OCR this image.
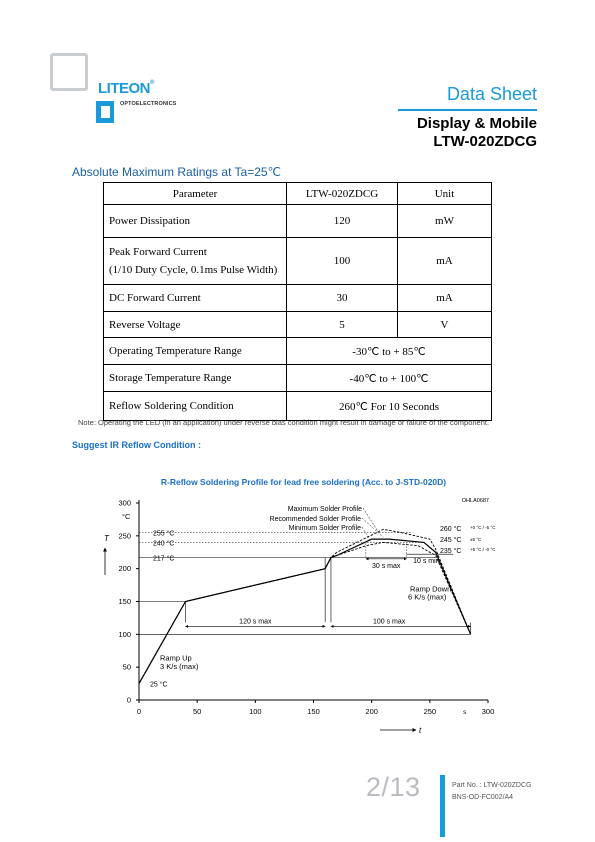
LITEON®
OPTOELECTRONICS	Data Sheet
Display & Mobile
LTW-020ZDCG
Absolute Maximum Ratings at Ta=25℃
Parameter	LTW-020ZDCG	Unit
Power Dissipation	120	mW

Peak Forward Current
(1/10 Duty Cycle, 0.1ms Pulse Width)	100	mA
DC Forward Current	30	mA
Reverse Voltage	5	V
Operating Temperature Range	-30℃ to + 85℃	
Storage Temperature Range	-40℃ to + 100℃	
Reflow Soldering Condition	260℃ For 10 Seconds	
Note: Operating the LED (in an application) under reverse bias condition might result in damage or failure of the component.
Suggest IR Reflow Condition :
R-Reflow Soldering Profile for lead free soldering (Acc. to J-STD-020D)
0
50
100
150
200
250
300
°C
0	50	100	150	200	250	300
s
T
t
OHLA0687
25 °C
217 °C
240 °C
255 °C
Maximum Solder Profile
Recommended Solder Profile
Minimum Solder Profile	260 °C +0 °C / -5 °C
245 °C ±5 °C
235 °C +5 °C / -0 °C
120 s max	100 s max
30 s max
10 s min
Ramp Up
3 K/s (max)
Ramp Down
6 K/s (max)
2/13	Part No. : LTW-020ZDCG
BNS-OD-FC002/A4
